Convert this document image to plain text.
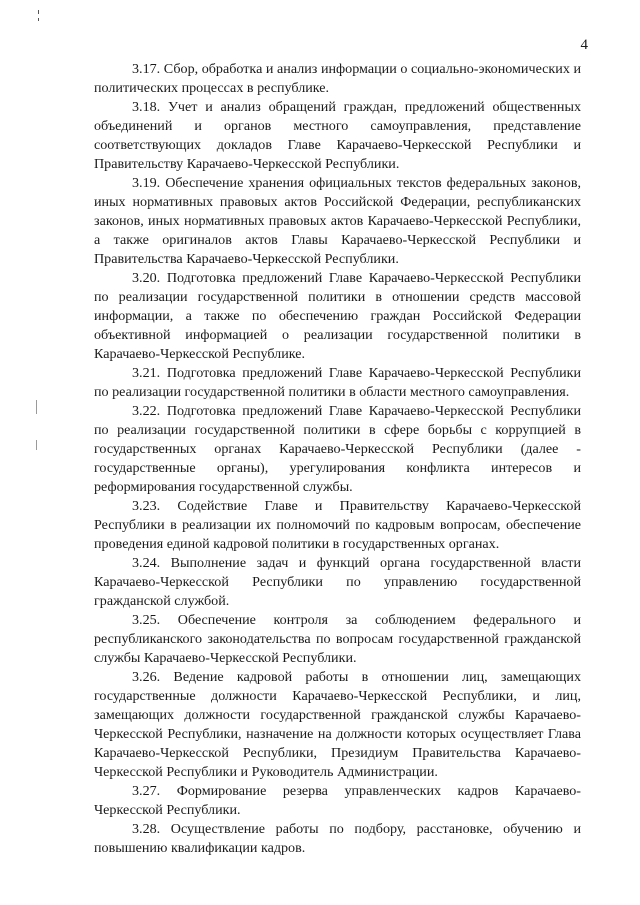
4

3.17. Сбор, обработка и анализ информации о социально-экономических и политических процессах в республике.

3.18. Учет и анализ обращений граждан, предложений общественных объединений и органов местного самоуправления, представление соответствующих докладов Главе Карачаево-Черкесской Республики и Правительству Карачаево-Черкесской Республики.

3.19. Обеспечение хранения официальных текстов федеральных законов, иных нормативных правовых актов Российской Федерации, республиканских законов, иных нормативных правовых актов Карачаево-Черкесской Республики, а также оригиналов актов Главы Карачаево-Черкесской Республики и Правительства Карачаево-Черкесской Республики.

3.20. Подготовка предложений Главе Карачаево-Черкесской Республики по реализации государственной политики в отношении средств массовой информации, а также по обеспечению граждан Российской Федерации объективной информацией о реализации государственной политики в Карачаево-Черкесской Республике.

3.21. Подготовка предложений Главе Карачаево-Черкесской Республики по реализации государственной политики в области местного самоуправления.

3.22. Подготовка предложений Главе Карачаево-Черкесской Республики по реализации государственной политики в сфере борьбы с коррупцией в государственных органах Карачаево-Черкесской Республики (далее - государственные органы), урегулирования конфликта интересов и реформирования государственной службы.

3.23. Содействие Главе и Правительству Карачаево-Черкесской Республики в реализации их полномочий по кадровым вопросам, обеспечение проведения единой кадровой политики в государственных органах.

3.24. Выполнение задач и функций органа государственной власти Карачаево-Черкесской Республики по управлению государственной гражданской службой.

3.25. Обеспечение контроля за соблюдением федерального и республиканского законодательства по вопросам государственной гражданской службы Карачаево-Черкесской Республики.

3.26. Ведение кадровой работы в отношении лиц, замещающих государственные должности Карачаево-Черкесской Республики, и лиц, замещающих должности государственной гражданской службы Карачаево-Черкесской Республики, назначение на должности которых осуществляет Глава Карачаево-Черкесской Республики, Президиум Правительства Карачаево-Черкесской Республики и Руководитель Администрации.

3.27. Формирование резерва управленческих кадров Карачаево-Черкесской Республики.

3.28. Осуществление работы по подбору, расстановке, обучению и повышению квалификации кадров.
